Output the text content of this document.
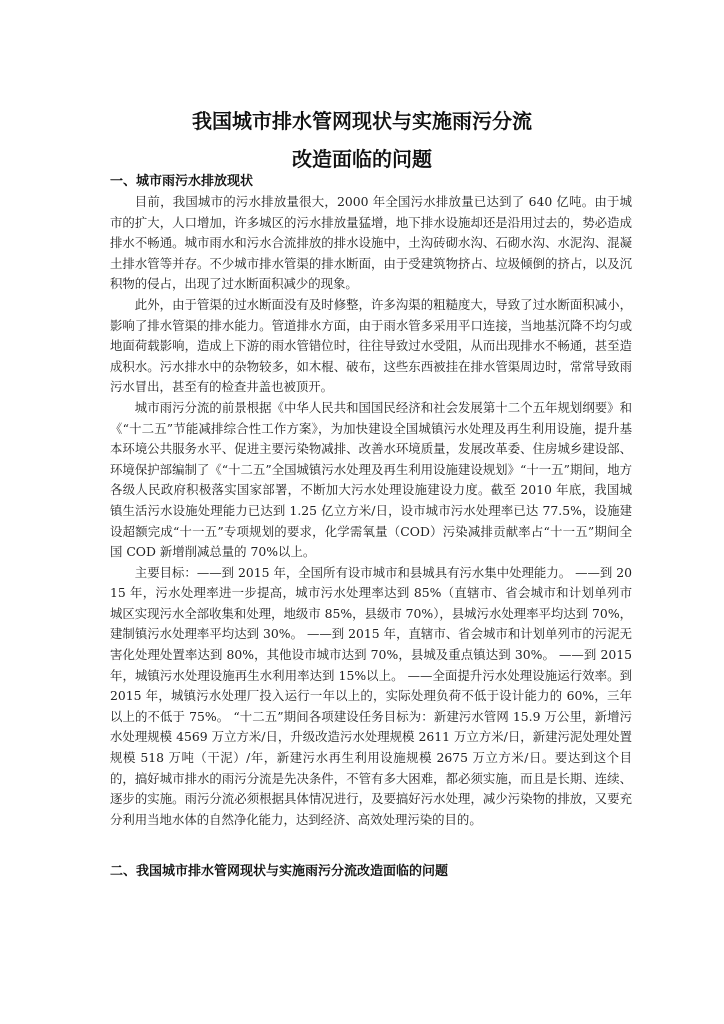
我国城市排水管网现状与实施雨污分流
改造面临的问题
一、城市雨污水排放现状

目前，我国城市的污水排放量很大，2000 年全国污水排放量已达到了 640 亿吨。由于城市的扩大，人口增加，许多城区的污水排放量猛增，地下排水设施却还是沿用过去的，势必造成排水不畅通。城市雨水和污水合流排放的排水设施中，土沟砖砌水沟、石砌水沟、水泥沟、混凝土排水管等并存。不少城市排水管渠的排水断面，由于受建筑物挤占、垃圾倾倒的挤占，以及沉积物的侵占，出现了过水断面积减少的现象。

此外，由于管渠的过水断面没有及时修整，许多沟渠的粗糙度大，导致了过水断面积减小，影响了排水管渠的排水能力。管道排水方面，由于雨水管多采用平口连接，当地基沉降不均匀或地面荷载影响，造成上下游的雨水管错位时，往往导致过水受阻，从而出现排水不畅通，甚至造成积水。污水排水中的杂物较多，如木棍、破布，这些东西被挂在排水管渠周边时，常常导致雨污水冒出，甚至有的检查井盖也被顶开。

城市雨污分流的前景根据《中华人民共和国国民经济和社会发展第十二个五年规划纲要》和《“十二五”节能减排综合性工作方案》，为加快建设全国城镇污水处理及再生利用设施，提升基本环境公共服务水平、促进主要污染物减排、改善水环境质量，发展改革委、住房城乡建设部、环境保护部编制了《“十二五”全国城镇污水处理及再生利用设施建设规划》“十一五”期间，地方各级人民政府积极落实国家部署，不断加大污水处理设施建设力度。截至 2010 年底，我国城镇生活污水设施处理能力已达到 1.25 亿立方米/日，设市城市污水处理率已达 77.5%，设施建设超额完成“十一五”专项规划的要求，化学需氧量（COD）污染减排贡献率占“十一五”期间全国 COD 新增削减总量的 70%以上。

主要目标：——到 2015 年，全国所有设市城市和县城具有污水集中处理能力。 ——到 2015 年，污水处理率进一步提高，城市污水处理率达到 85%（直辖市、省会城市和计划单列市城区实现污水全部收集和处理，地级市 85%，县级市 70%），县城污水处理率平均达到 70%，建制镇污水处理率平均达到 30%。 ——到 2015 年，直辖市、省会城市和计划单列市的污泥无害化处理处置率达到 80%，其他设市城市达到 70%，县城及重点镇达到 30%。 ——到 2015 年，城镇污水处理设施再生水利用率达到 15%以上。 ——全面提升污水处理设施运行效率。到 2015 年，城镇污水处理厂投入运行一年以上的，实际处理负荷不低于设计能力的 60%，三年以上的不低于 75%。 “十二五”期间各项建设任务目标为：新建污水管网 15.9 万公里，新增污水处理规模 4569 万立方米/日，升级改造污水处理规模 2611 万立方米/日，新建污泥处理处置规模 518 万吨（干泥）/年，新建污水再生利用设施规模 2675 万立方米/日。要达到这个目的，搞好城市排水的雨污分流是先决条件，不管有多大困难，都必须实施，而且是长期、连续、逐步的实施。雨污分流必须根据具体情况进行，及要搞好污水处理，减少污染物的排放，又要充分利用当地水体的自然净化能力，达到经济、高效处理污染的目的。

二、我国城市排水管网现状与实施雨污分流改造面临的问题
